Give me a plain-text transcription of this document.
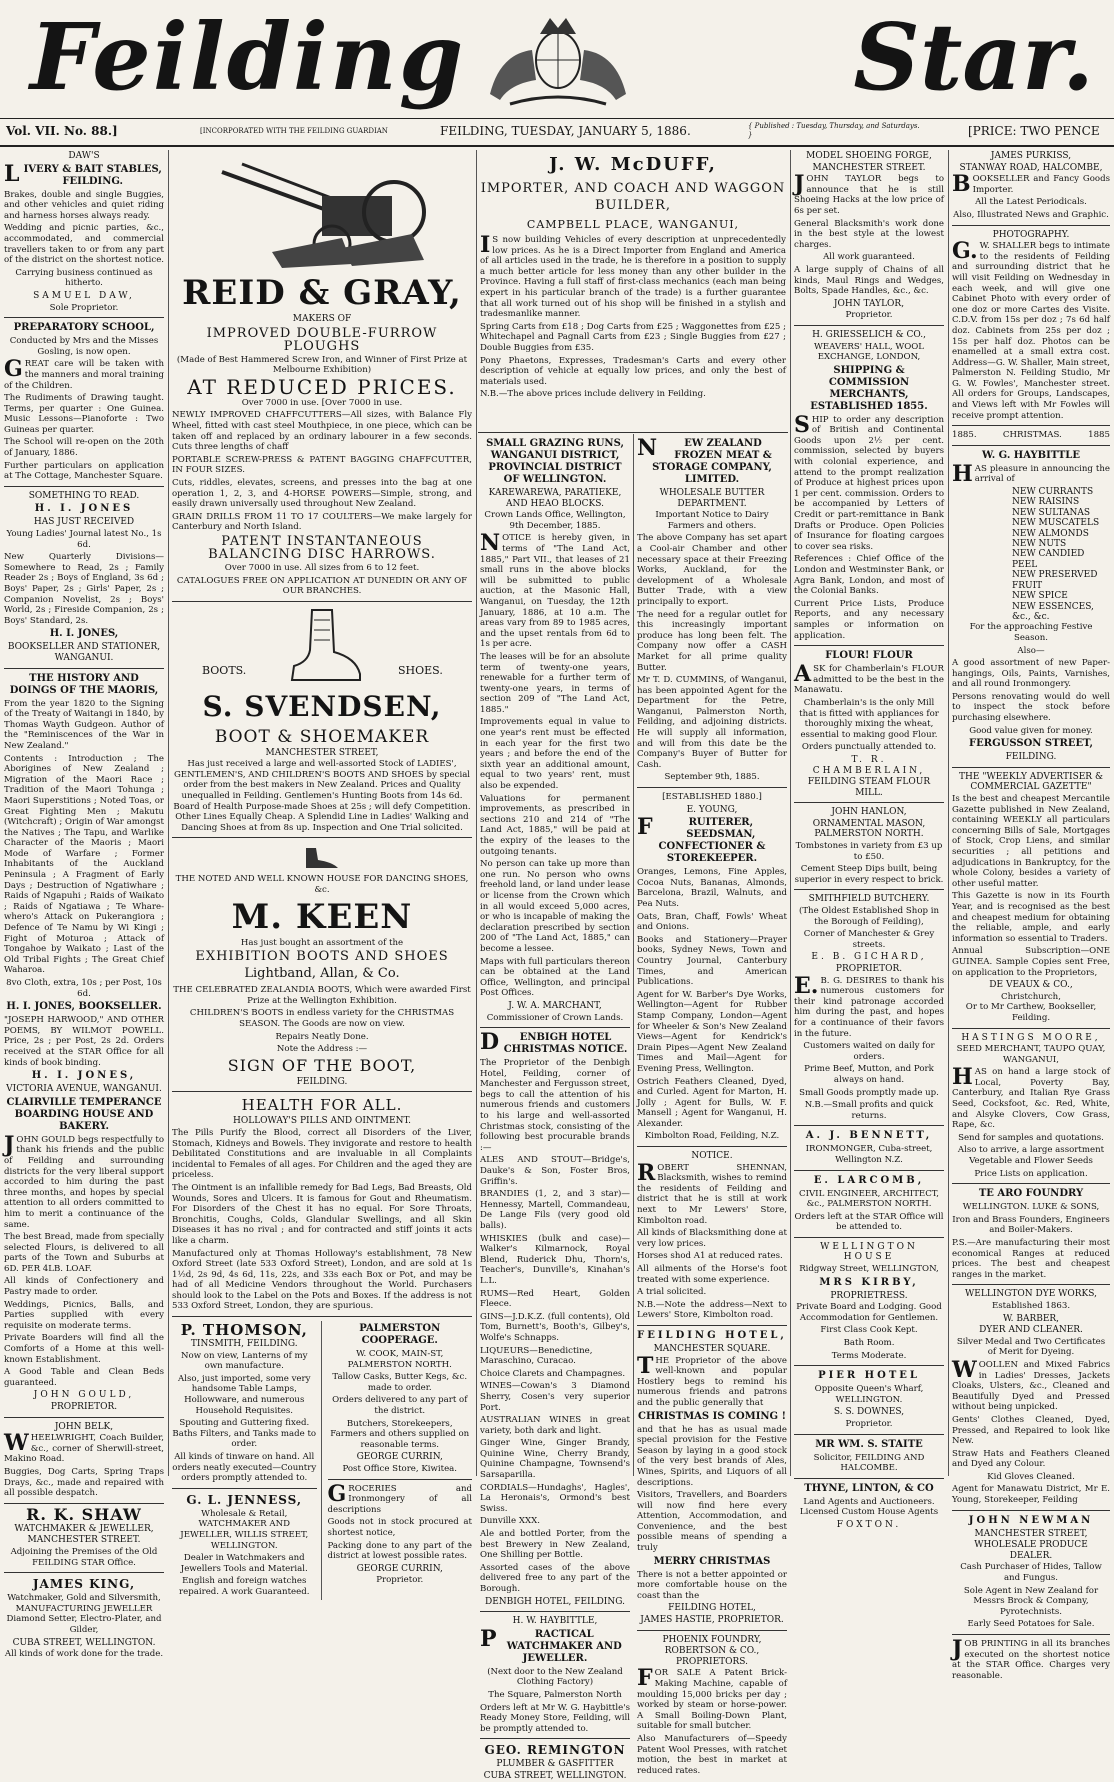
Feilding	Star.
Vol. VII. No. 88.]	[INCORPORATED WITH THE FEILDING GUARDIAN	FEILDING, TUESDAY, JANUARY 5, 1886.	{ Published : Tuesday, Thursday, and Saturdays. }	[PRICE: TWO PENCE
DAW'S
LIVERY & BAIT STABLES, FEILDING.

Brakes, double and single Buggies, and other vehicles and quiet riding and harness horses always ready.

Wedding and picnic parties, &c., accommodated, and commercial travellers taken to or from any part of the district on the shortest notice.

Carrying business continued as hitherto.

SAMUEL DAW,
Sole Proprietor.
PREPARATORY SCHOOL,

Conducted by Mrs and the Misses Gosling, is now open.

GREAT care will be taken with the manners and moral training of the Children.

The Rudiments of Drawing taught. Terms, per quarter : One Guinea. Music Lessons—Pianoforte : Two Guineas per quarter.

The School will re-open on the 20th of January, 1886.

Further particulars on application at The Cottage, Manchester Square.

SOMETHING TO READ.
H. I. JONES
HAS JUST RECEIVED

Young Ladies' Journal latest No., 1s 6d.

New Quarterly Divisions—Somewhere to Read, 2s ; Family Reader 2s ; Boys of England, 3s 6d ; Boys' Paper, 2s ; Girls' Paper, 2s ; Companion Novelist, 2s ; Boys' World, 2s ; Fireside Companion, 2s ; Boys' Standard, 2s.

H. I. JONES,
BOOKSELLER AND STATIONER, WANGANUI.
THE HISTORY AND DOINGS OF THE MAORIS,

From the year 1820 to the Signing of the Treaty of Waitangi in 1840, by Thomas Wayth Gudgeon. Author of the "Reminiscences of the War in New Zealand."

Contents : Introduction ; The Aborigines of New Zealand ; Migration of the Maori Race ; Tradition of the Maori Tohunga ; Maori Superstitions ; Noted Toas, or Great Fighting Men ; Makutu (Witchcraft) ; Origin of War amongst the Natives ; The Tapu, and Warlike Character of the Maoris ; Maori Mode of Warfare ; Former Inhabitants of the Auckland Peninsula ; A Fragment of Early Days ; Destruction of Ngatiwhare ; Raids of Ngapuhi ; Raids of Waikato ; Raids of Ngatiawa ; Te Whare-whero's Attack on Pukerangiora ; Defence of Te Namu by Wi Kingi ; Fight of Moturoa ; Attack of Tongahoe by Waikato ; Last of the Old Tribal Fights ; The Great Chief Waharoa.

8vo Cloth, extra, 10s ; per Post, 10s 6d.

H. I. JONES, BOOKSELLER.

"JOSEPH HARWOOD," AND OTHER POEMS, BY WILMOT POWELL. Price, 2s ; per Post, 2s 2d. Orders received at the STAR Office for all kinds of book binding.

H. I. JONES,
VICTORIA AVENUE, WANGANUI.
CLAIRVILLE TEMPERANCE BOARDING HOUSE AND BAKERY.

JOHN GOULD begs respectfully to thank his friends and the public of Feilding and surrounding districts for the very liberal support accorded to him during the past three months, and hopes by special attention to all orders committed to him to merit a continuance of the same.

The best Bread, made from specially selected Flours, is delivered to all parts of the Town and Suburbs at 6D. PER 4LB. LOAF.

All kinds of Confectionery and Pastry made to order.

Weddings, Picnics, Balls, and Parties supplied with every requisite on moderate terms.

Private Boarders will find all the Comforts of a Home at this well-known Establishment.

A Good Table and Clean Beds guaranteed.

JOHN GOULD,
PROPRIETOR.
JOHN BELK,

WHEELWRIGHT, Coach Builder, &c., corner of Sherwill-street, Makino Road.

Buggies, Dog Carts, Spring Traps Drays, &c., made and repaired with all possible despatch.

R. K. SHAW
WATCHMAKER & JEWELLER,
MANCHESTER STREET.

Adjoining the Premises of the Old FEILDING STAR Office.

JAMES KING,

Watchmaker, Gold and Silversmith, MANUFACTURING JEWELLER Diamond Setter, Electro-Plater, and Gilder,

CUBA STREET, WELLINGTON.

All kinds of work done for the trade.

REID & GRAY,
MAKERS OF
IMPROVED DOUBLE-FURROW PLOUGHS

(Made of Best Hammered Screw Iron, and Winner of First Prize at Melbourne Exhibition)

AT REDUCED PRICES.

Over 7000 in use. [Over 7000 in use.

NEWLY IMPROVED CHAFFCUTTERS—All sizes, with Balance Fly Wheel, fitted with cast steel Mouthpiece, in one piece, which can be taken off and replaced by an ordinary labourer in a few seconds. Cuts three lengths of chaff

PORTABLE SCREW-PRESS & PATENT BAGGING CHAFFCUTTER, IN FOUR SIZES.

Cuts, riddles, elevates, screens, and presses into the bag at one operation 1, 2, 3, and 4-HORSE POWERS—Simple, strong, and easily drawn universally used throughout New Zealand.

GRAIN DRILLS FROM 11 TO 17 COULTERS—We make largely for Canterbury and North Island.

PATENT INSTANTANEOUS BALANCING DISC HARROWS.

Over 7000 in use. All sizes from 6 to 12 feet.

CATALOGUES FREE ON APPLICATION AT DUNEDIN OR ANY OF OUR BRANCHES.

BOOTS.	SHOES.
S. SVENDSEN,
BOOT & SHOEMAKER
MANCHESTER STREET,

Has just received a large and well-assorted Stock of LADIES', GENTLEMEN'S, AND CHILDREN'S BOOTS AND SHOES by special order from the best makers in New Zealand. Prices and Quality unequalled in Feilding. Gentlemen's Hunting Boots from 14s 6d. Board of Health Purpose-made Shoes at 25s ; will defy Competition. Other Lines Equally Cheap. A Splendid Line in Ladies' Walking and Dancing Shoes at from 8s up. Inspection and One Trial solicited.

THE NOTED AND WELL KNOWN HOUSE FOR DANCING SHOES, &c.

M. KEEN

Has just bought an assortment of the

EXHIBITION BOOTS AND SHOES
Lightband, Allan, & Co.

THE CELEBRATED ZEALANDIA BOOTS, Which were awarded First Prize at the Wellington Exhibition.

CHILDREN'S BOOTS in endless variety for the CHRISTMAS SEASON. The Goods are now on view.

Repairs Neatly Done.

Note the Address :—

SIGN OF THE BOOT,
FEILDING.
HEALTH FOR ALL.
HOLLOWAY'S PILLS AND OINTMENT.

The Pills Purify the Blood, correct all Disorders of the Liver, Stomach, Kidneys and Bowels. They invigorate and restore to health Debilitated Constitutions and are invaluable in all Complaints incidental to Females of all ages. For Children and the aged they are priceless.

The Ointment is an infallible remedy for Bad Legs, Bad Breasts, Old Wounds, Sores and Ulcers. It is famous for Gout and Rheumatism. For Disorders of the Chest it has no equal. For Sore Throats, Bronchitis, Coughs, Colds, Glandular Swellings, and all Skin Diseases it has no rival ; and for contracted and stiff joints it acts like a charm.

Manufactured only at Thomas Holloway's establishment, 78 New Oxford Street (late 533 Oxford Street), London, and are sold at 1s 1½d, 2s 9d, 4s 6d, 11s, 22s, and 33s each Box or Pot, and may be had of all Medicine Vendors throughout the World. Purchasers should look to the Label on the Pots and Boxes. If the address is not 533 Oxford Street, London, they are spurious.

P. THOMSON,
TINSMITH, FEILDING.

Now on view, Lanterns of my own manufacture.

Also, just imported, some very handsome Table Lamps, Hollowware, and numerous Household Requisites.

Spouting and Guttering fixed. Baths Filters, and Tanks made to order.

All kinds of tinware on hand. All orders neatly executed—Country orders promptly attended to.

G. L. JENNESS,

Wholesale & Retail, WATCHMAKER AND JEWELLER, WILLIS STREET, WELLINGTON.

Dealer in Watchmakers and Jewellers Tools and Material.

English and foreign watches repaired. A work Guaranteed.

PALMERSTON COOPERAGE.

W. COOK, MAIN-ST, PALMERSTON NORTH.

Tallow Casks, Butter Kegs, &c. made to order.

Orders delivered to any part of the district.

Butchers, Storekeepers, Farmers and others supplied on reasonable terms.

GEORGE CURRIN,

Post Office Store, Kiwitea.

GROCERIES and Ironmongery of all descriptions

Goods not in stock procured at shortest notice,

Packing done to any part of the district at lowest possible rates.

GEORGE CURRIN,
Proprietor.
J. W. McDUFF,
IMPORTER, AND COACH AND WAGGON BUILDER,
CAMPBELL PLACE, WANGANUI,

IS now building Vehicles of every description at unprecedentedly low prices. As he is a Direct Importer from England and America of all articles used in the trade, he is therefore in a position to supply a much better article for less money than any other builder in the Province. Having a full staff of first-class mechanics (each man being expert in his particular branch of the trade) is a further guarantee that all work turned out of his shop will be finished in a stylish and tradesmanlike manner.

Spring Carts from £18 ; Dog Carts from £25 ; Waggonettes from £25 ; Whitechapel and Pagnall Carts from £23 ; Single Buggies from £27 ; Double Buggies from £35.

Pony Phaetons, Expresses, Tradesman's Carts and every other description of vehicle at equally low prices, and only the best of materials used.

N.B.—The above prices include delivery in Feilding.

SMALL GRAZING RUNS, WANGANUI DISTRICT, PROVINCIAL DISTRICT OF WELLINGTON.
KAREWAREWA, PARATIEKE, AND HEAO BLOCKS.

Crown Lands Office, Wellington, 9th December, 1885.

NOTICE is hereby given, in terms of "The Land Act, 1885," Part VII., that leases of 21 small runs in the above blocks will be submitted to public auction, at the Masonic Hall, Wanganui, on Tuesday, the 12th January, 1886, at 10 a.m. The areas vary from 89 to 1985 acres, and the upset rentals from 6d to 1s per acre.

The leases will be for an absolute term of twenty-one years, renewable for a further term of twenty-one years, in terms of section 209 of "The Land Act, 1885."

Improvements equal in value to one year's rent must be effected in each year for the first two years ; and before the end of the sixth year an additional amount, equal to two years' rent, must also be expended.

Valuations for permanent improvements, as prescribed in sections 210 and 214 of "The Land Act, 1885," will be paid at the expiry of the leases to the outgoing tenants.

No person can take up more than one run. No person who owns freehold land, or land under lease or license from the Crown which in all would exceed 5,000 acres, or who is incapable of making the declaration prescribed by section 200 of "The Land Act, 1885," can become a lessee.

Maps with full particulars thereon can be obtained at the Land Office, Wellington, and principal Post Offices.

J. W. A. MARCHANT,
Commissioner of Crown Lands.
DENBIGH HOTEL CHRISTMAS NOTICE.

The Proprietor of the Denbigh Hotel, Feilding, corner of Manchester and Fergusson street, begs to call the attention of his numerous friends and customers to his large and well-assorted Christmas stock, consisting of the following best procurable brands :—

ALES AND STOUT—Bridge's, Dauke's & Son, Foster Bros, Griffin's.

BRANDIES (1, 2, and 3 star)—Hennessy, Martell, Commandeau, De Lange Fils (very good old balls).

WHISKIES (bulk and case)—Walker's Kilmarnock, Royal Blend, Ruderick Dhu, Thorn's, Teacher's, Dunville's, Kinahan's L.L.

RUMS—Red Heart, Golden Fleece.

GINS—J.D.K.Z. (full contents), Old Tom, Burnett's, Booth's, Gilbey's, Wolfe's Schnapps.

LIQUEURS—Benedictine, Maraschino, Curacao.

Choice Clarets and Champagnes.

WINES—Cowan's 3 Diamond Sherry, Cosen's very superior Port.

AUSTRALIAN WINES in great variety, both dark and light.

Ginger Wine, Ginger Brandy, Quinine Wine, Cherry Brandy, Quinine Champagne, Townsend's Sarsaparilla.

CORDIALS—Hundaghs', Hagles', La Heronais's, Ormond's best Swiss.

Dunville XXX.

Ale and bottled Porter, from the best Brewery in New Zealand, One Shilling per Bottle.

Assorted cases of the above delivered free to any part of the Borough.

DENBIGH HOTEL, FEILDING.
H. W. HAYBITTLE,
PRACTICAL WATCHMAKER AND JEWELLER.

(Next door to the New Zealand Clothing Factory)

The Square, Palmerston North

Orders left at Mr W. G. Haybittle's Ready Money Store, Feilding, will be promptly attended to.

GEO. REMINGTON
PLUMBER & GASFITTER
CUBA STREET, WELLINGTON.
NEW ZEALAND FROZEN MEAT & STORAGE COMPANY, LIMITED.
WHOLESALE BUTTER DEPARTMENT.

Important Notice to Dairy Farmers and others.

The above Company has set apart a Cool-air Chamber and other necessary space at their Freezing Works, Auckland, for the development of a Wholesale Butter Trade, with a view principally to export.

The need for a regular outlet for this increasingly important produce has long been felt. The Company now offer a CASH Market for all prime quality Butter.

Mr T. D. CUMMINS, of Wanganui, has been appointed Agent for the Department for the Petre, Wanganui, Palmerston North, Feilding, and adjoining districts. He will supply all information, and will from this date be the Company's Buyer of Butter for Cash.

September 9th, 1885.

[ESTABLISHED 1880.]

E. YOUNG,
FRUITERER, SEEDSMAN, CONFECTIONER & STOREKEEPER.

Oranges, Lemons, Fine Apples, Cocoa Nuts, Bananas, Almonds, Barcelona, Brazil, Walnuts, and Pea Nuts.

Oats, Bran, Chaff, Fowls' Wheat and Onions.

Books and Stationery—Prayer books, Sydney News, Town and Country Journal, Canterbury Times, and American Publications.

Agent for W. Barber's Dye Works, Wellington—Agent for Rubber Stamp Company, London—Agent for Wheeler & Son's New Zealand Views—Agent for Kendrick's Drain Pipes—Agent New Zealand Times and Mail—Agent for Evening Press, Wellington.

Ostrich Feathers Cleaned, Dyed, and Curled. Agent for Marton, H. Jolly ; Agent for Bulls, W. F. Mansell ; Agent for Wanganui, H. Alexander.

Kimbolton Road, Feilding, N.Z.

NOTICE.

ROBERT SHENNAN, Blacksmith, wishes to remind the residents of Feilding and district that he is still at work next to Mr Lewers' Store, Kimbolton road.

All kinds of Blacksmithing done at very low prices.

Horses shod A1 at reduced rates.

All ailments of the Horse's foot treated with some experience.

A trial solicited.

N.B.—Note the address—Next to Lewers' Store, Kimbolton road.

FEILDING HOTEL,
MANCHESTER SQUARE.

THE Proprietor of the above well-known and popular Hostlery begs to remind his numerous friends and patrons and the public generally that

CHRISTMAS IS COMING !

and that he has as usual made special provision for the Festive Season by laying in a good stock of the very best brands of Ales, Wines, Spirits, and Liquors of all descriptions.

Visitors, Travellers, and Boarders will now find here every Attention, Accommodation, and Convenience, and the best possible means of spending a truly

MERRY CHRISTMAS

There is not a better appointed or more comfortable house on the coast than the

FEILDING HOTEL,
JAMES HASTIE, PROPRIETOR.
PHOENIX FOUNDRY,
ROBERTSON & CO., PROPRIETORS.

FOR SALE A Patent Brick-Making Machine, capable of moulding 15,000 bricks per day ; worked by steam or horse-power. A Small Boiling-Down Plant, suitable for small butcher.

Also Manufacturers of—Speedy Patent Wool Presses, with ratchet motion, the best in market at reduced rates.

MODEL SHOEING FORGE,
MANCHESTER STREET.

JOHN TAYLOR begs to announce that he is still Shoeing Hacks at the low price of 6s per set.

General Blacksmith's work done in the best style at the lowest charges.

All work guaranteed.

A large supply of Chains of all kinds, Maul Rings and Wedges, Bolts, Spade Handles, &c., &c.

JOHN TAYLOR,
Proprietor.
H. GRIESSELICH & CO.,

WEAVERS' HALL, WOOL EXCHANGE, LONDON,

SHIPPING & COMMISSION MERCHANTS, ESTABLISHED 1855.

SHIP to order any description of British and Continental Goods upon 2½ per cent. commission, selected by buyers with colonial experience, and attend to the prompt realization of Produce at highest prices upon 1 per cent. commission. Orders to be accompanied by Letters of Credit or part-remittance in Bank Drafts or Produce. Open Policies of Insurance for floating cargoes to cover sea risks.

References : Chief Office of the London and Westminster Bank, or Agra Bank, London, and most of the Colonial Banks.

Current Price Lists, Produce Reports, and any necessary samples or information on application.

FLOUR! FLOUR

ASK for Chamberlain's FLOUR admitted to be the best in the Manawatu.

Chamberlain's is the only Mill that is fitted with appliances for thoroughly mixing the wheat, essential to making good Flour.

Orders punctually attended to.

T. R. CHAMBERLAIN,
FEILDING STEAM FLOUR MILL.
JOHN HANLON,
ORNAMENTAL MASON, PALMERSTON NORTH.

Tombstones in variety from £3 up to £50.

Cement Steep Dips built, being superior in every respect to brick.

SMITHFIELD BUTCHERY.

(The Oldest Established Shop in the Borough of Feilding),

Corner of Manchester & Grey streets.

E. B. GICHARD,
PROPRIETOR.

E.B. G. DESIRES to thank his numerous customers for their kind patronage accorded him during the past, and hopes for a continuance of their favors in the future.

Customers waited on daily for orders.

Prime Beef, Mutton, and Pork always on hand.

Small Goods promptly made up.

N.B.—Small profits and quick returns.

A. J. BENNETT,

IRONMONGER, Cuba-street, Wellington N.Z.

E. LARCOMB,

CIVIL ENGINEER, ARCHITECT, &c., PALMERSTON NORTH.

Orders left at the STAR Office will be attended to.

WELLINGTON HOUSE

Ridgway Street, WELLINGTON,

MRS KIRBY,
PROPRIETRESS.

Private Board and Lodging. Good Accommodation for Gentlemen.

First Class Cook Kept.

Bath Room.

Terms Moderate.

PIER HOTEL

Opposite Queen's Wharf, WELLINGTON.

S. S. DOWNES,
Proprietor.
MR WM. S. STAITE

Solicitor, FEILDING AND HALCOMBE.

THYNE, LINTON, & CO

Land Agents and Auctioneers. Licensed Custom House Agents

FOXTON.
JAMES PURKISS,
STANWAY ROAD, HALCOMBE,

BOOKSELLER and Fancy Goods Importer.

All the Latest Periodicals.

Also, Illustrated News and Graphic.

PHOTOGRAPHY.

G.W. SHALLER begs to intimate to the residents of Feilding and surrounding district that he will visit Feilding on Wednesday in each week, and will give one Cabinet Photo with every order of one doz or more Cartes des Visite. C.D.V. from 15s per doz ; 7s 6d half doz. Cabinets from 25s per doz ; 15s per half doz. Photos can be enamelled at a small extra cost. Address—G. W. Shaller, Main street, Palmerston N. Feilding Studio, Mr G. W. Fowles', Manchester street. All orders for Groups, Landscapes, and Views left with Mr Fowles will receive prompt attention.

1885.	CHRISTMAS.	1885
W. G. HAYBITTLE

HAS pleasure in announcing the arrival of

NEW CURRANTS
NEW RAISINS
NEW SULTANAS
NEW MUSCATELS
NEW ALMONDS
NEW NUTS
NEW CANDIED PEEL
NEW PRESERVED FRUIT
NEW SPICE
NEW ESSENCES, &c., &c.

For the approaching Festive Season.

Also—

A good assortment of new Paper-hangings, Oils, Paints, Varnishes, and all round Ironmongery.

Persons renovating would do well to inspect the stock before purchasing elsewhere.

Good value given for money.

FERGUSSON STREET,
FEILDING.
THE "WEEKLY ADVERTISER & COMMERCIAL GAZETTE"

Is the best and cheapest Mercantile Gazette published in New Zealand, containing WEEKLY all particulars concerning Bills of Sale, Mortgages of Stock, Crop Liens, and similar securities ; all petitions and adjudications in Bankruptcy, for the whole Colony, besides a variety of other useful matter.

This Gazette is now in its Fourth Year, and is recognised as the best and cheapest medium for obtaining the reliable, ample, and early information so essential to Traders.

Annual Subscription—ONE GUINEA. Sample Copies sent Free, on application to the Proprietors,

DE VEAUX & CO.,
Christchurch,

Or to Mr Carthew, Bookseller, Feilding.

HASTINGS MOORE,

SEED MERCHANT, TAUPO QUAY, WANGANUI,

HAS on hand a large stock of Local, Poverty Bay, Canterbury, and Italian Rye Grass Seed, Cocksfoot, &c. Red, White, and Alsyke Clovers, Cow Grass, Rape, &c.

Send for samples and quotations.

Also to arrive, a large assortment Vegetable and Flower Seeds

Price Lists on application.

TE ARO FOUNDRY

WELLINGTON. LUKE & SONS,

Iron and Brass Founders, Engineers and Boiler-Makers.

P.S.—Are manufacturing their most economical Ranges at reduced prices. The best and cheapest ranges in the market.

WELLINGTON DYE WORKS,

Established 1863.

W. BARBER,
DYER AND CLEANER.

Silver Medal and Two Certificates of Merit for Dyeing.

WOOLLEN and Mixed Fabrics in Ladies' Dresses, Jackets Cloaks, Ulsters, &c., Cleaned and Beautifully Dyed and Pressed without being unpicked.

Gents' Clothes Cleaned, Dyed, Pressed, and Repaired to look like New.

Straw Hats and Feathers Cleaned and Dyed any Colour.

Kid Gloves Cleaned.

Agent for Manawatu District, Mr E. Young, Storekeeper, Feilding

JOHN NEWMAN
MANCHESTER STREET,
WHOLESALE PRODUCE DEALER.

Cash Purchaser of Hides, Tallow and Fungus.

Sole Agent in New Zealand for Messrs Brock & Company, Pyrotechnists.

Early Seed Potatoes for Sale.

JOB PRINTING in all its branches executed on the shortest notice at the STAR Office. Charges very reasonable.
